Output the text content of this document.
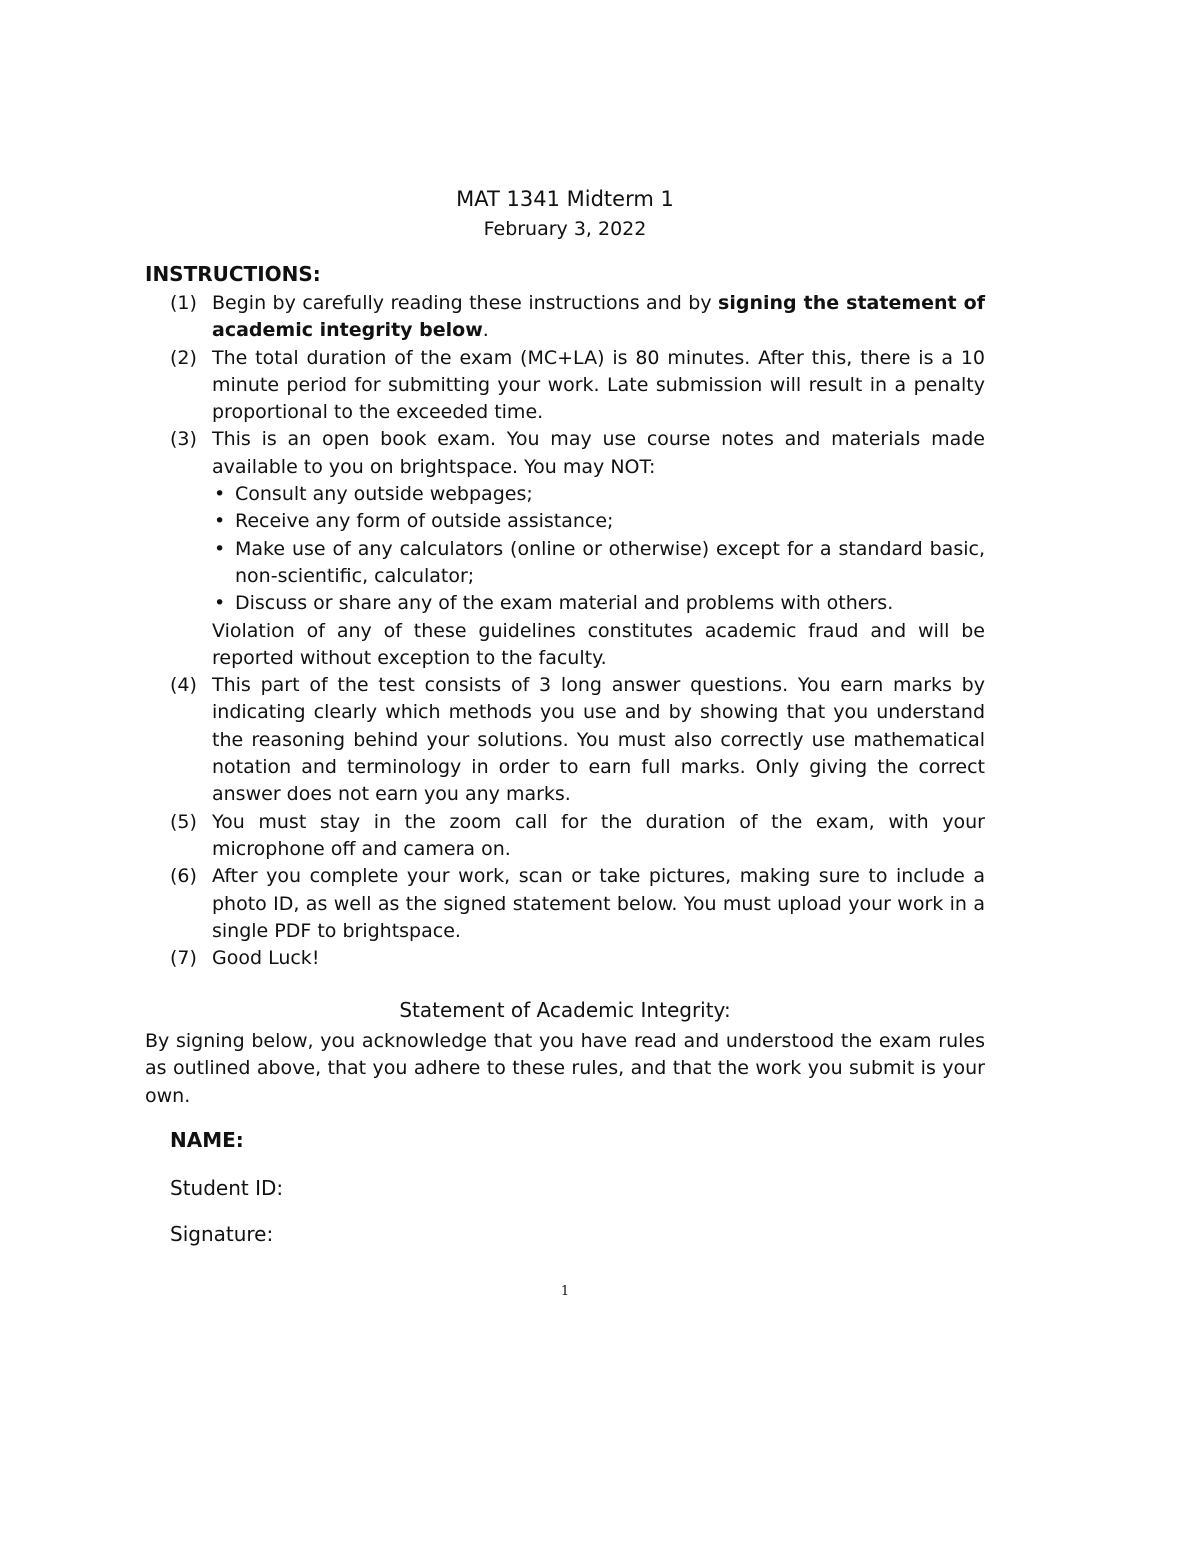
MAT 1341 Midterm 1
February 3, 2022
INSTRUCTIONS:
(1) Begin by carefully reading these instructions and by signing the statement of academic integrity below.
(2) The total duration of the exam (MC+LA) is 80 minutes. After this, there is a 10 minute period for submitting your work. Late submission will result in a penalty proportional to the exceeded time.
(3) This is an open book exam. You may use course notes and materials made available to you on brightspace. You may NOT:
• Consult any outside webpages;
• Receive any form of outside assistance;
• Make use of any calculators (online or otherwise) except for a standard basic, non-scientific, calculator;
• Discuss or share any of the exam material and problems with others.
Violation of any of these guidelines constitutes academic fraud and will be reported without exception to the faculty.
(4) This part of the test consists of 3 long answer questions. You earn marks by indicating clearly which methods you use and by showing that you understand the reasoning behind your solutions. You must also correctly use mathematical notation and terminology in order to earn full marks. Only giving the correct answer does not earn you any marks.
(5) You must stay in the zoom call for the duration of the exam, with your microphone off and camera on.
(6) After you complete your work, scan or take pictures, making sure to include a photo ID, as well as the signed statement below. You must upload your work in a single PDF to brightspace.
(7) Good Luck!
Statement of Academic Integrity:
By signing below, you acknowledge that you have read and understood the exam rules as outlined above, that you adhere to these rules, and that the work you submit is your own.
NAME:
Student ID:
Signature:
1
